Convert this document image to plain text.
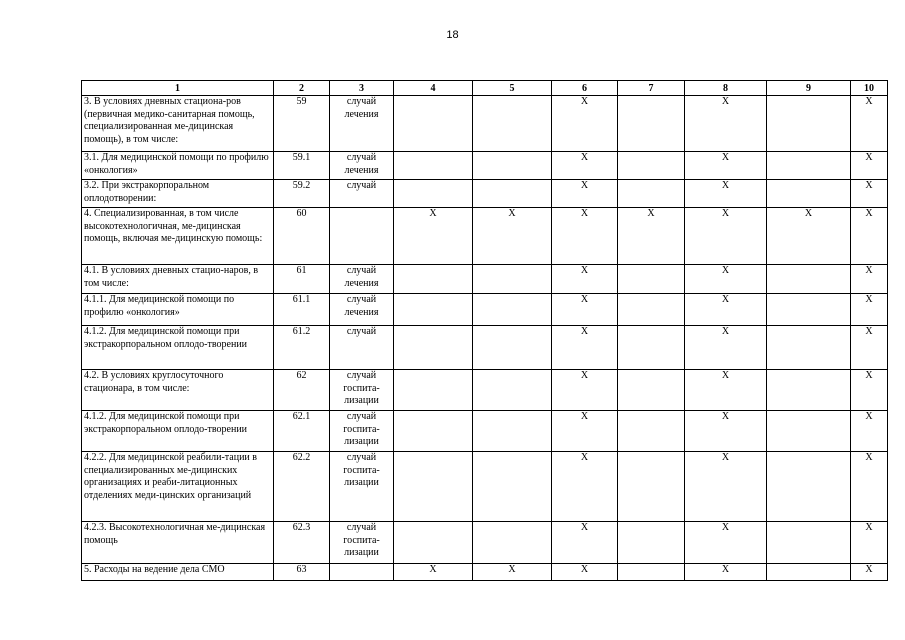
18
1	2	3	4	5	6	7	8	9	10
3. В условиях дневных стациона-ров (первичная медико-санитарная помощь, специализированная ме-дицинская помощь), в том числе:	59	случай лечения			X		X		X
3.1. Для медицинской помощи по профилю «онкология»	59.1	случай лечения			X		X		X
3.2. При экстракорпоральном оплодотворении:	59.2	случай			X		X		X
4. Специализированная, в том числе высокотехнологичная, ме-дицинская помощь, включая ме-дицинскую помощь:	60		X	X	X	X	X	X	X
4.1. В условиях дневных стацио-наров, в том числе:	61	случай лечения			X		X		X
4.1.1. Для медицинской помощи по профилю «онкология»	61.1	случай лечения			X		X		X
4.1.2. Для медицинской помощи при экстракорпоральном оплодо-творении	61.2	случай			X		X		X
4.2. В условиях круглосуточного стационара, в том числе:	62	случай госпита-лизации			X		X		X
4.1.2. Для медицинской помощи при экстракорпоральном оплодо-творении	62.1	случай госпита-лизации			X		X		X
4.2.2. Для медицинской реабили-тации в специализированных ме-дицинских организациях и реаби-литационных отделениях меди-цинских организаций	62.2	случай госпита-лизации			X		X		X
4.2.3. Высокотехнологичная ме-дицинская помощь	62.3	случай госпита-лизации			X		X		X
5. Расходы на ведение дела СМО	63		X	X	X		X		X
